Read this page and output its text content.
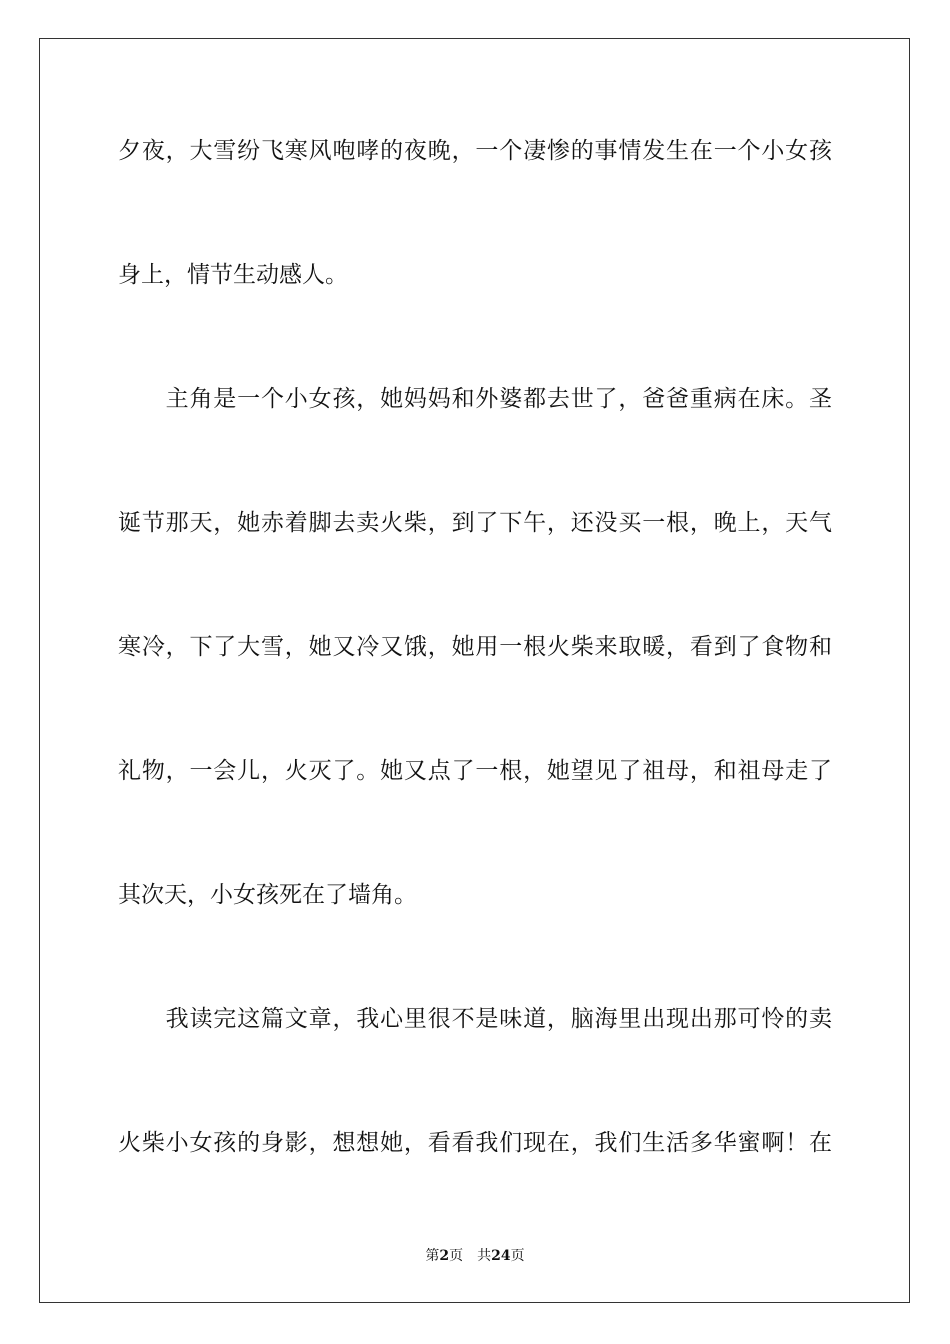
夕夜，大雪纷飞寒风咆哮的夜晚，一个凄惨的事情发生在一个小女孩
身上，情节生动感人。
　　主角是一个小女孩，她妈妈和外婆都去世了，爸爸重病在床。圣
诞节那天，她赤着脚去卖火柴，到了下午，还没买一根，晚上，天气
寒冷，下了大雪，她又冷又饿，她用一根火柴来取暖，看到了食物和
礼物，一会儿，火灭了。她又点了一根，她望见了祖母，和祖母走了
其次天，小女孩死在了墙角。
　　我读完这篇文章，我心里很不是味道，脑海里出现出那可怜的卖
火柴小女孩的身影，想想她，看看我们现在，我们生活多华蜜啊！在
第2页 共24页
